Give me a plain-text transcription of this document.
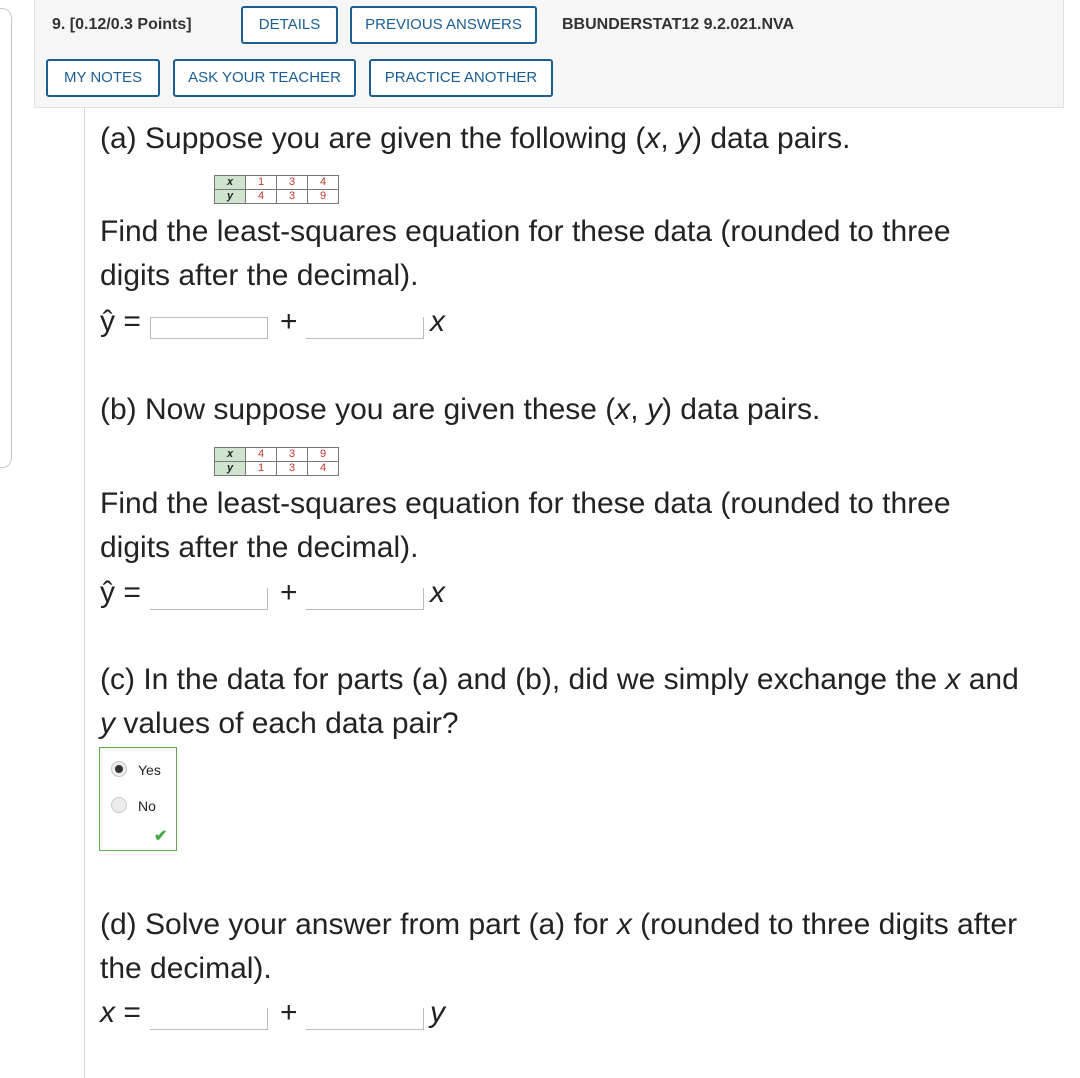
9. [0.12/0.3 Points]	DETAILS	PREVIOUS ANSWERS	BBUNDERSTAT12 9.2.021.NVA
MY NOTES	ASK YOUR TEACHER	PRACTICE ANOTHER
(a) Suppose you are given the following (x, y) data pairs.
x	1	3	4
y	4	3	9
Find the least-squares equation for these data (rounded to three digits after the decimal).
ŷ =	+	x
(b) Now suppose you are given these (x, y) data pairs.
x	4	3	9
y	1	3	4
Find the least-squares equation for these data (rounded to three digits after the decimal).
ŷ =	+	x
(c) In the data for parts (a) and (b), did we simply exchange the x and y values of each data pair?
Yes
No
✔
(d) Solve your answer from part (a) for x (rounded to three digits after the decimal).
x =	+	y
